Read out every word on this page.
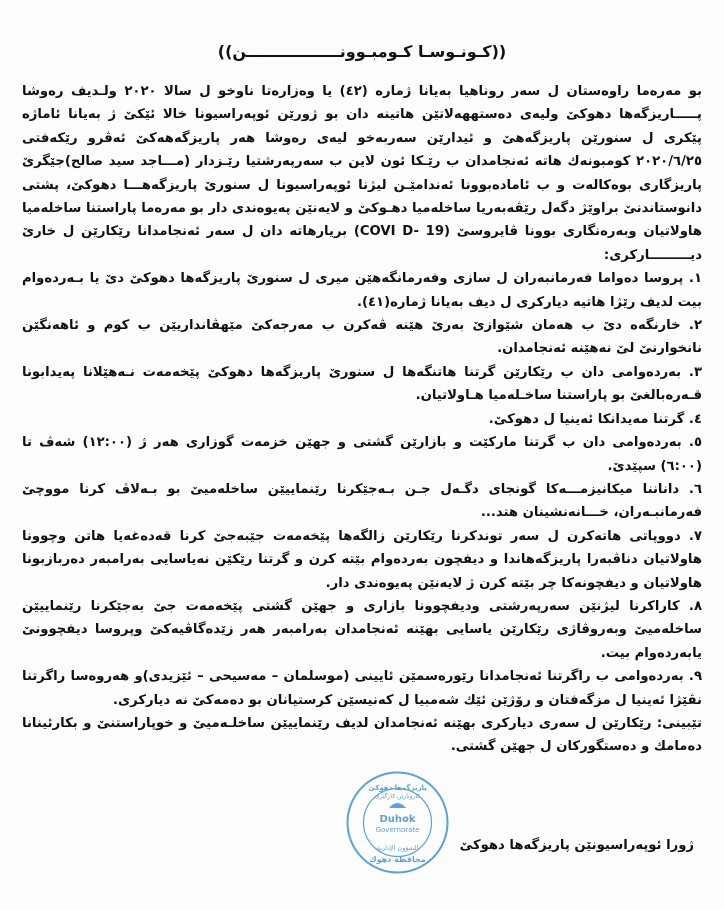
((كـونـوسـا كـومبـوونـــــــــــــــــن))

بو مەرەما راوەستان ل سەر روناهیا بەیانا ژمارە (٤٢) یا وەزارەتا ناوخو ل سالا ٢٠٢٠ ولـدیف رەوشا پـــــاریزگەها دهوكێ ولیەی دەستههەلاتێن هاتینە دان بو ژورێن ئوپەراسیونا خالا ئێكێ ژ بەیانا ئاماژە پێكری ل سنورێن پاریزگەهێ و ئیدارێن سەربەخو لیەی رەوشا هەر پاریزگەهەكێ ئەڤرو رێكەفتی ٢٠٢٠/٦/٢٥ كومبونەك هاتە ئەنجامدان ب رێـكا ئون لاین ب سەرپەرشتیا رێـزدار (مـــاجد سید صالح)جێگرێ پاریزگاری بوەكالەت و ب ئامادەبوونا ئەندامێـن لیژنا ئوپەراسیونا ل سنورێ پاریزگەهـــا دهوكێ، پشتی دانوستاندنێ براوێژ دگەل رێڤەبەریا ساخلەمیا دهـوكێ و لایەنێن پەیوەندی دار بو مەرەما پاراستنا ساخلەمیا هاولاتیان وبەرەنگاری بوونا ڤایروسێ (COVI D- 19) بریارهاتە دان ل سەر ئەنجامدانا رێكارێن ل خارێ دیـــــــــاركری:

١. پروسا دەواما فەرمانبەران ل سازی وفەرمانگەهێن میری ل سنورێ پاریزگەها دهوكێ دێ یا بـەردەوام بیت لدیف رێژا هاتیە دیاركری ل دیف بەیانا ژمارە(٤١).

٢. خارنگەه دێ ب هەمان شێوازێ بەرێ هێنە ڤەكرن ب مەرجەكێ مێهڤانداریێن ب كوم و ئاهەنگێن نانخوارنێ لێ نەهێنە ئەنجامدان.

٣. بەردەوامی دان ب رێكارێن گرتنا هاتنگەها ل سنورێ پاریزگەها دهوكێ پێخەمەت نـەهێلانا پەیدابونا قـەرەبالغێ بو پاراستنا ساخـلەمیا هـاولاتیان.

٤. گرتنا مەیدانكا ئەینیا ل دهوكێ.

٥. بەردەوامی دان ب گرتنا ماركێت و بازارێن گشتی و جهێن خزمەت گوزاری هەر ژ (١٢:٠٠) شەڤ تا (٦:٠٠) سپێدێ.

٦. داناننا میكانیزمـــەكا گونجای دگـەل جـن بـەجێكرنا رێنماییێن ساخلەمیێ بو بـەلاڤ كرنا مووچێ فەرمانبـەران، خـــانەنشینان هتد...

٧. دووپاتی هاتەكرن ل سەر توندكرنا رێكارێن زالگەها پێخەمەت جێبەجێ كرنا قەدەغەیا هاتن وچوونا هاولاتیان دناڤبەرا پاریزگەهاندا و دیفچون بەردەوام بێتە كرن و گرتنا رێكێن نەیاسایی بەرامبەر دەربازبونا هاولاتیان و دیفچونەكا چر بێتە كرن ژ لایەنێن پەیوەندی دار.

٨. كاراكرنا لیژنێن سەرپەرشتی ودیفچوونا بازاری و جهێن گشتی پێخەمەت جێ بەجێكرنا رێنماییێن ساخلەمیێ وبەروڤاژی رێكارێن یاسایی بهێنە ئەنجامدان بەرامبەر هەر زێدەگاڤیەكێ وپروسا دیفچوونێ یابەردەوام بیت.

٩. بەردەوامی ب راگرتنا ئەنجامدانا رێورەسمێن ئایینی (موسلمان – مەسیحی – ئێزیدی)و هەروەسا راگرتنا نڤێژا ئەینیا ل مزگەفتان و رۆژێن ئێك شەمبیا ل كەنیسێن كرستیانان بو دەمەكێ نە دیاركری.

تێبینی: رێكارێن ل سەری دیاركری بهێنە ئەنجامدان لدیف رێنماییێن ساخلـەمیێ و خوپاراستنێ و بكارئینانا دەمامك و دەستگوركان ل جهێن گشتی.

ژورا ئوپەراسیونێن پاریزگەها دهوكێ
پاریزگەها دهوكێ
كاروبارێن كارگێری
Duhok
Governorate
الشؤون الإدارية
محافظة دهوك
